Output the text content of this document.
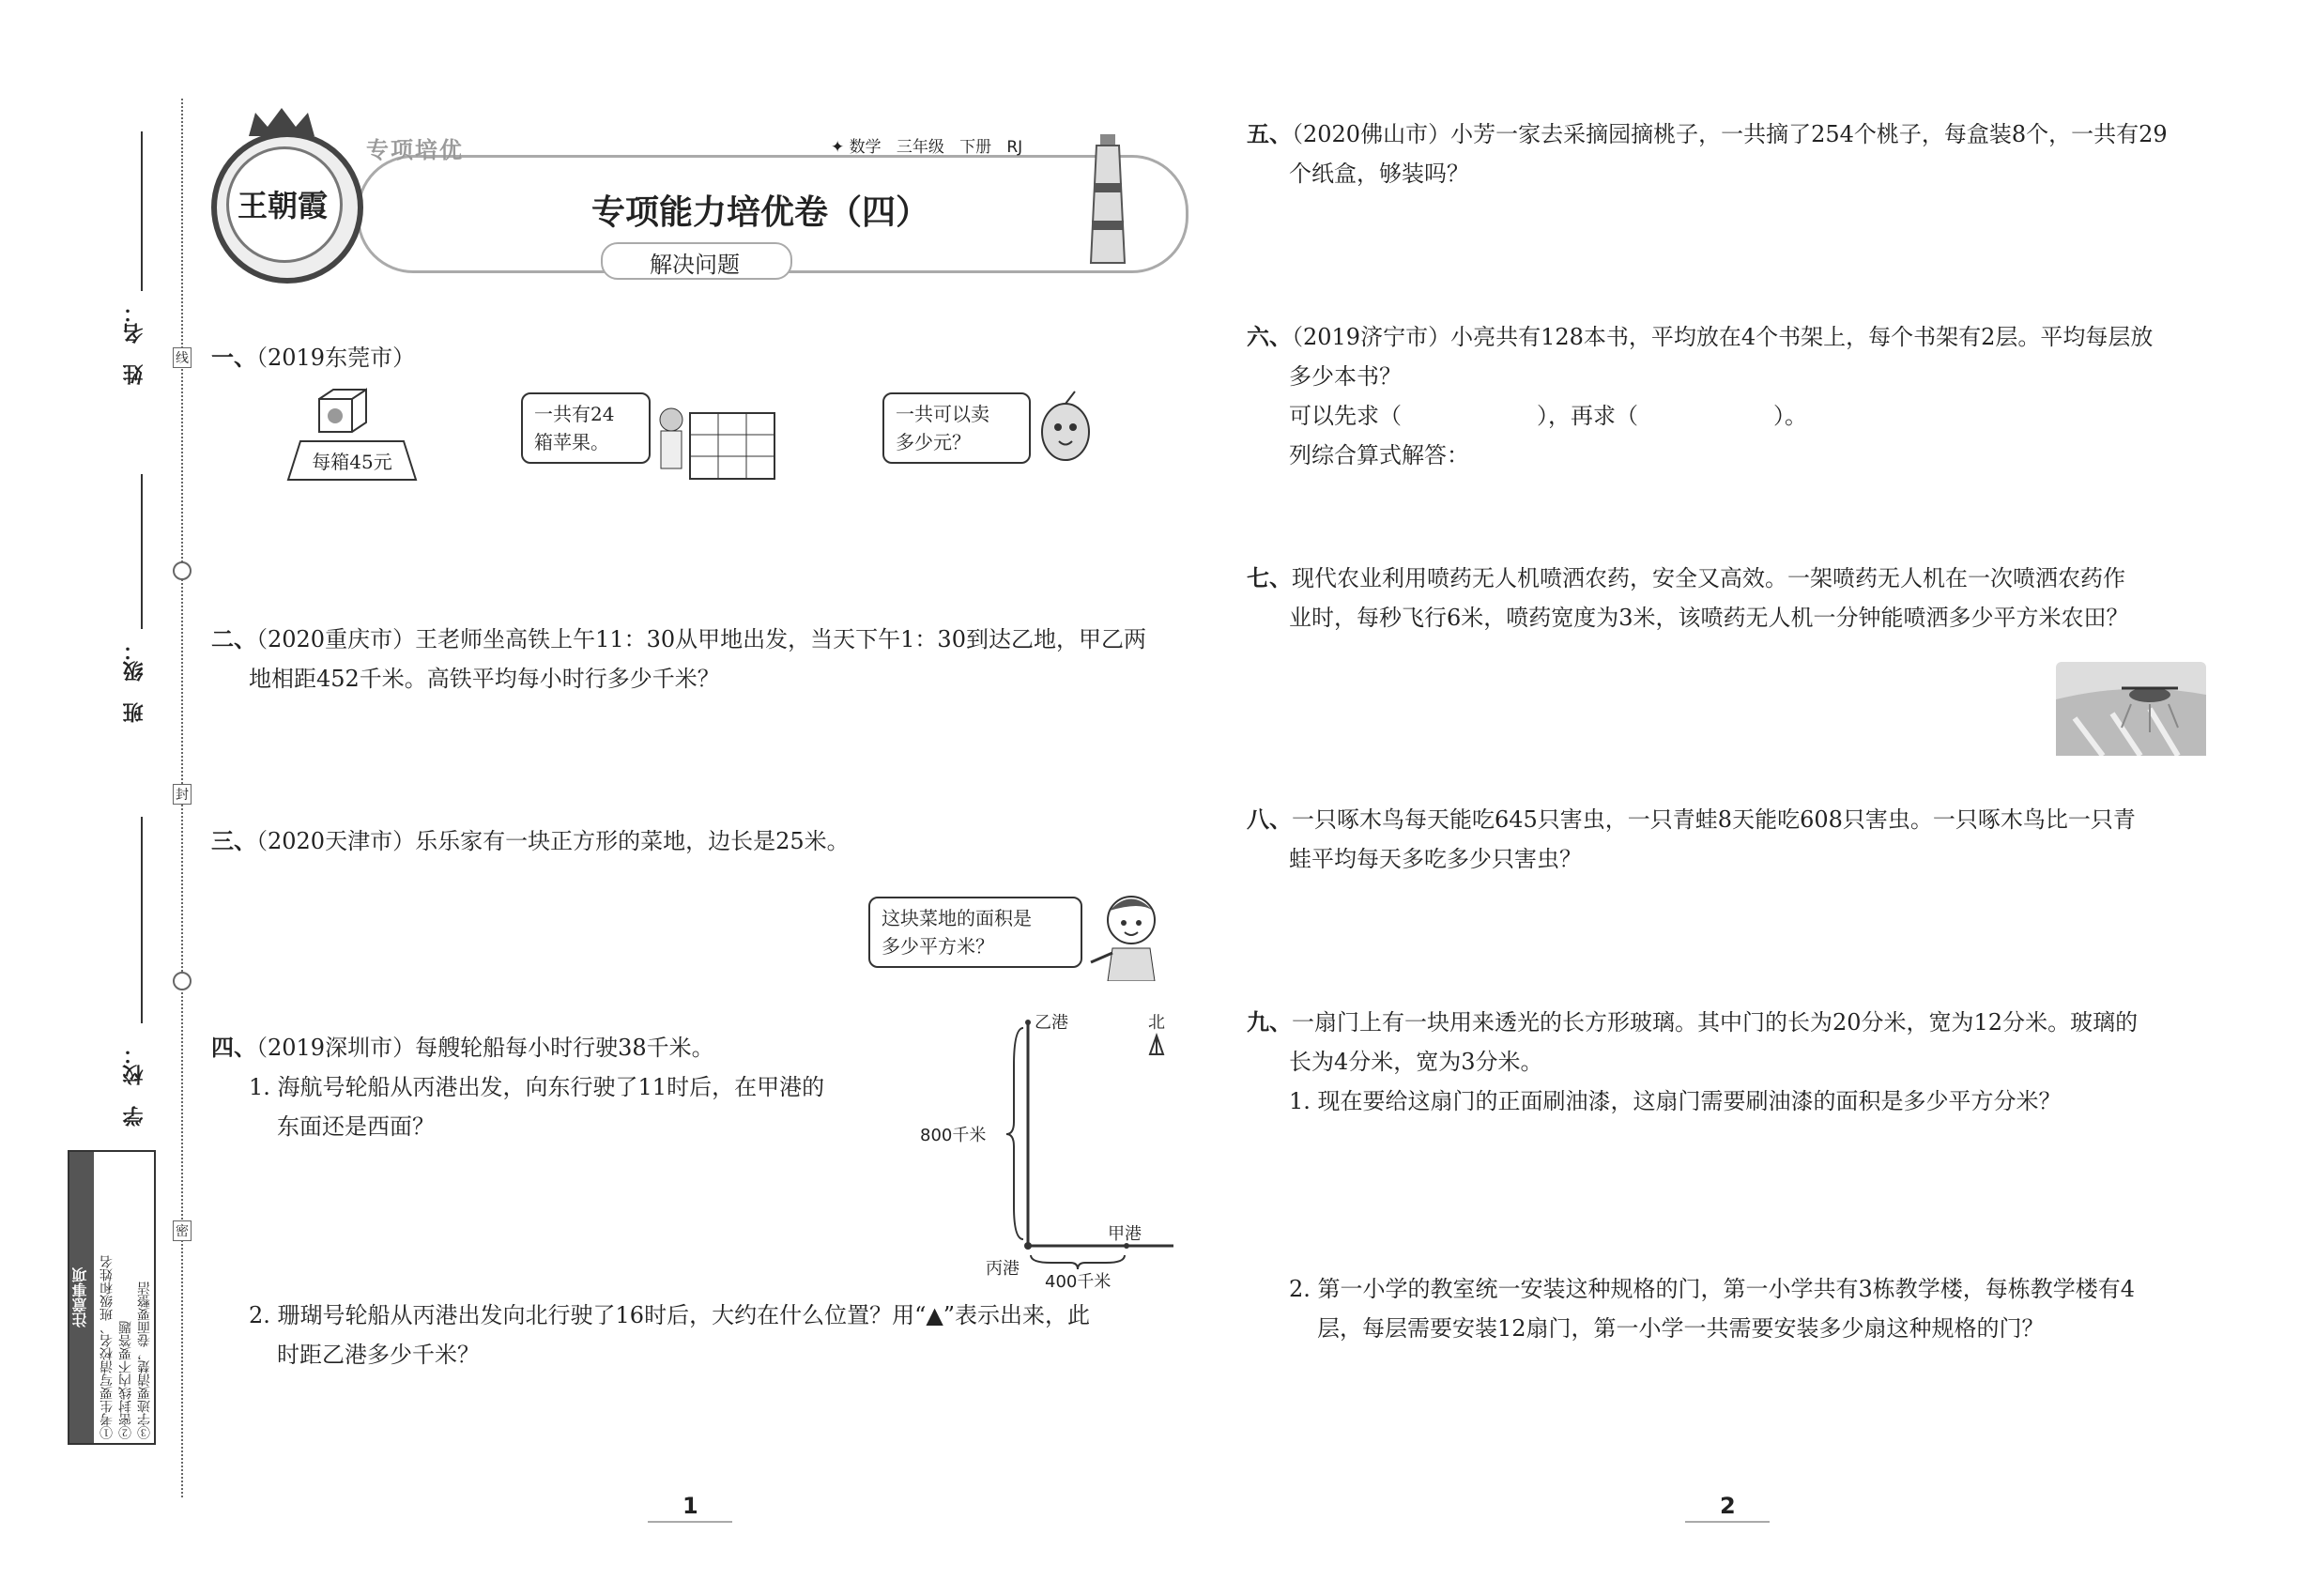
线
封
密
姓　名：
班　级：
学　校：
注意事项 ①考生要写清校名、班级和姓名 ②密封线内不要答题 ③字迹要清楚，卷面要整洁
王朝霞
专项培优	✦ 数学 三年级 下册 RJ
专项能力培优卷（四）
解决问题
一、（2019东莞市）
每箱45元
一共有24
箱苹果。
一共可以卖
多少元？
二、（2020重庆市）王老师坐高铁上午11：30从甲地出发，当天下午1：30到达乙地，甲乙两
地相距452千米。高铁平均每小时行多少千米？
三、（2020天津市）乐乐家有一块正方形的菜地，边长是25米。
这块菜地的面积是
多少平方米？
四、（2019深圳市）每艘轮船每小时行驶38千米。
1. 海航号轮船从丙港出发，向东行驶了11时后，在甲港的
东面还是西面？
2. 珊瑚号轮船从丙港出发向北行驶了16时后，大约在什么位置？用“▲”表示出来，此
时距乙港多少千米？
乙港	北
800千米
甲港
丙港
400千米
1	2
五、（2020佛山市）小芳一家去采摘园摘桃子，一共摘了254个桃子，每盒装8个，一共有29
个纸盒，够装吗？
六、（2019济宁市）小亮共有128本书，平均放在4个书架上，每个书架有2层。平均每层放
多少本书？
可以先求（　　　　　　），再求（　　　　　　）。
列综合算式解答：
七、现代农业利用喷药无人机喷洒农药，安全又高效。一架喷药无人机在一次喷洒农药作
业时，每秒飞行6米，喷药宽度为3米，该喷药无人机一分钟能喷洒多少平方米农田？
八、一只啄木鸟每天能吃645只害虫，一只青蛙8天能吃608只害虫。一只啄木鸟比一只青
蛙平均每天多吃多少只害虫？
九、一扇门上有一块用来透光的长方形玻璃。其中门的长为20分米，宽为12分米。玻璃的
长为4分米，宽为3分米。
1. 现在要给这扇门的正面刷油漆，这扇门需要刷油漆的面积是多少平方分米？
2. 第一小学的教室统一安装这种规格的门，第一小学共有3栋教学楼，每栋教学楼有4
层，每层需要安装12扇门，第一小学一共需要安装多少扇这种规格的门？
